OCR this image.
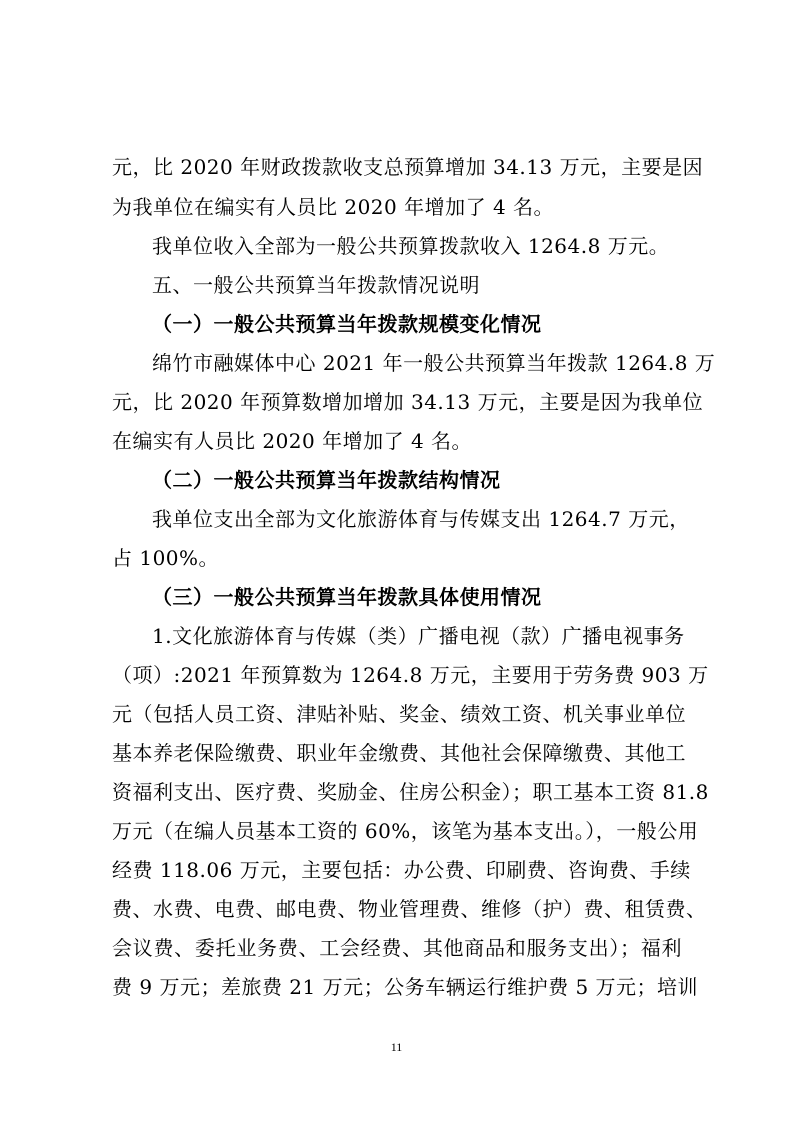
元，比 2020 年财政拨款收支总预算增加 34.13 万元，主要是因
为我单位在编实有人员比 2020 年增加了 4 名。
我单位收入全部为一般公共预算拨款收入 1264.8 万元。
五、一般公共预算当年拨款情况说明
（一）一般公共预算当年拨款规模变化情况
绵竹市融媒体中心 2021 年一般公共预算当年拨款 1264.8 万
元，比 2020 年预算数增加增加 34.13 万元，主要是因为我单位
在编实有人员比 2020 年增加了 4 名。
（二）一般公共预算当年拨款结构情况
我单位支出全部为文化旅游体育与传媒支出 1264.7 万元，
占 100%。
（三）一般公共预算当年拨款具体使用情况
1.文化旅游体育与传媒（类）广播电视（款）广播电视事务
（项）:2021 年预算数为 1264.8 万元，主要用于劳务费 903 万
元（包括人员工资、津贴补贴、奖金、绩效工资、机关事业单位
基本养老保险缴费、职业年金缴费、其他社会保障缴费、其他工
资福利支出、医疗费、奖励金、住房公积金）；职工基本工资 81.8
万元（在编人员基本工资的 60%，该笔为基本支出。），一般公用
经费 118.06 万元，主要包括：办公费、印刷费、咨询费、手续
费、水费、电费、邮电费、物业管理费、维修（护）费、租赁费、
会议费、委托业务费、工会经费、其他商品和服务支出）；福利
费 9 万元；差旅费 21 万元；公务车辆运行维护费 5 万元；培训
11
